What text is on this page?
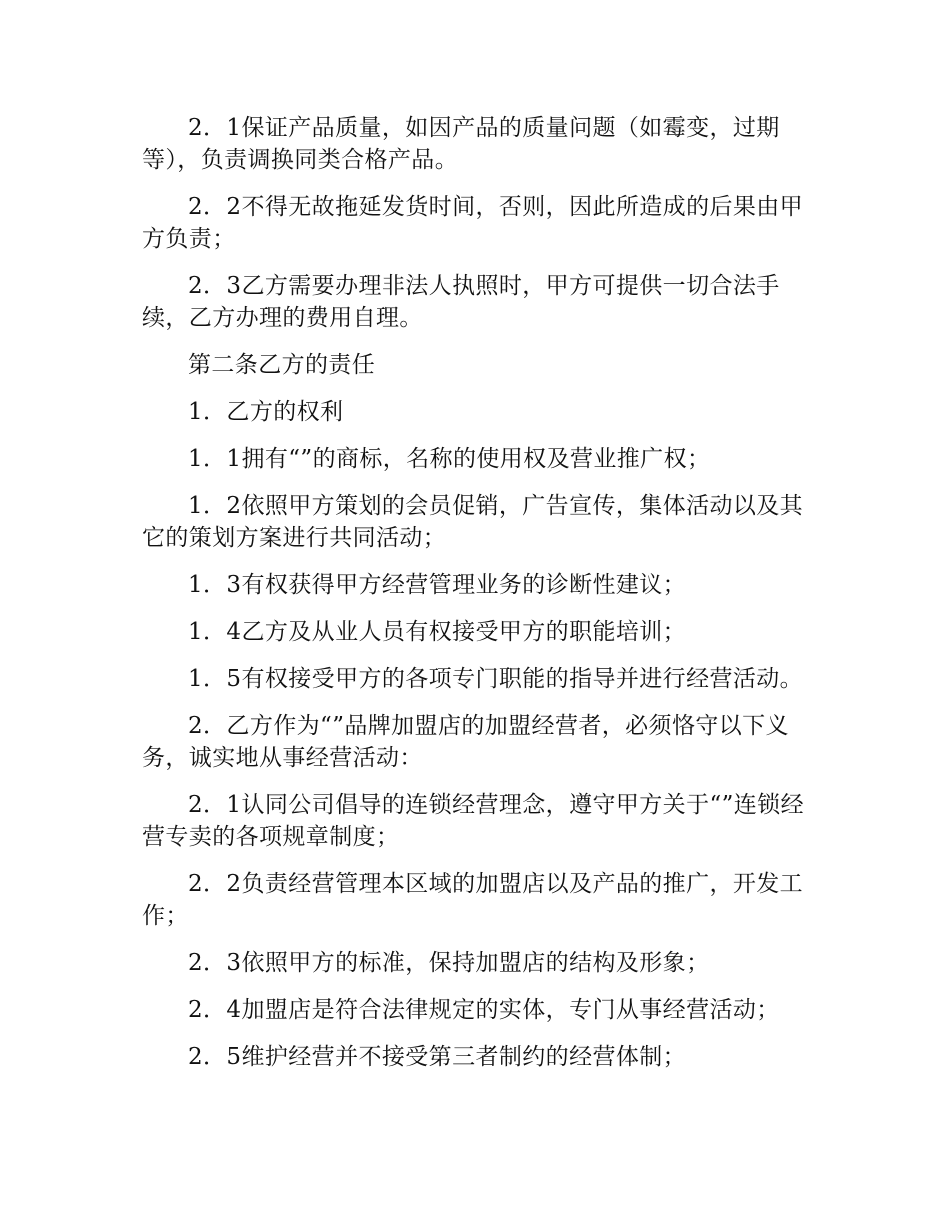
2．1保证产品质量，如因产品的质量问题（如霉变，过期等），负责调换同类合格产品。

2．2不得无故拖延发货时间，否则，因此所造成的后果由甲方负责；

2．3乙方需要办理非法人执照时，甲方可提供一切合法手续，乙方办理的费用自理。

第二条乙方的责任

1．乙方的权利

1．1拥有“”的商标，名称的使用权及营业推广权；

1．2依照甲方策划的会员促销，广告宣传，集体活动以及其它的策划方案进行共同活动；

1．3有权获得甲方经营管理业务的诊断性建议；

1．4乙方及从业人员有权接受甲方的职能培训；

1．5有权接受甲方的各项专门职能的指导并进行经营活动。

2．乙方作为“”品牌加盟店的加盟经营者，必须恪守以下义务，诚实地从事经营活动：

2．1认同公司倡导的连锁经营理念，遵守甲方关于“”连锁经营专卖的各项规章制度；

2．2负责经营管理本区域的加盟店以及产品的推广，开发工作；

2．3依照甲方的标准，保持加盟店的结构及形象；

2．4加盟店是符合法律规定的实体，专门从事经营活动；

2．5维护经营并不接受第三者制约的经营体制；
